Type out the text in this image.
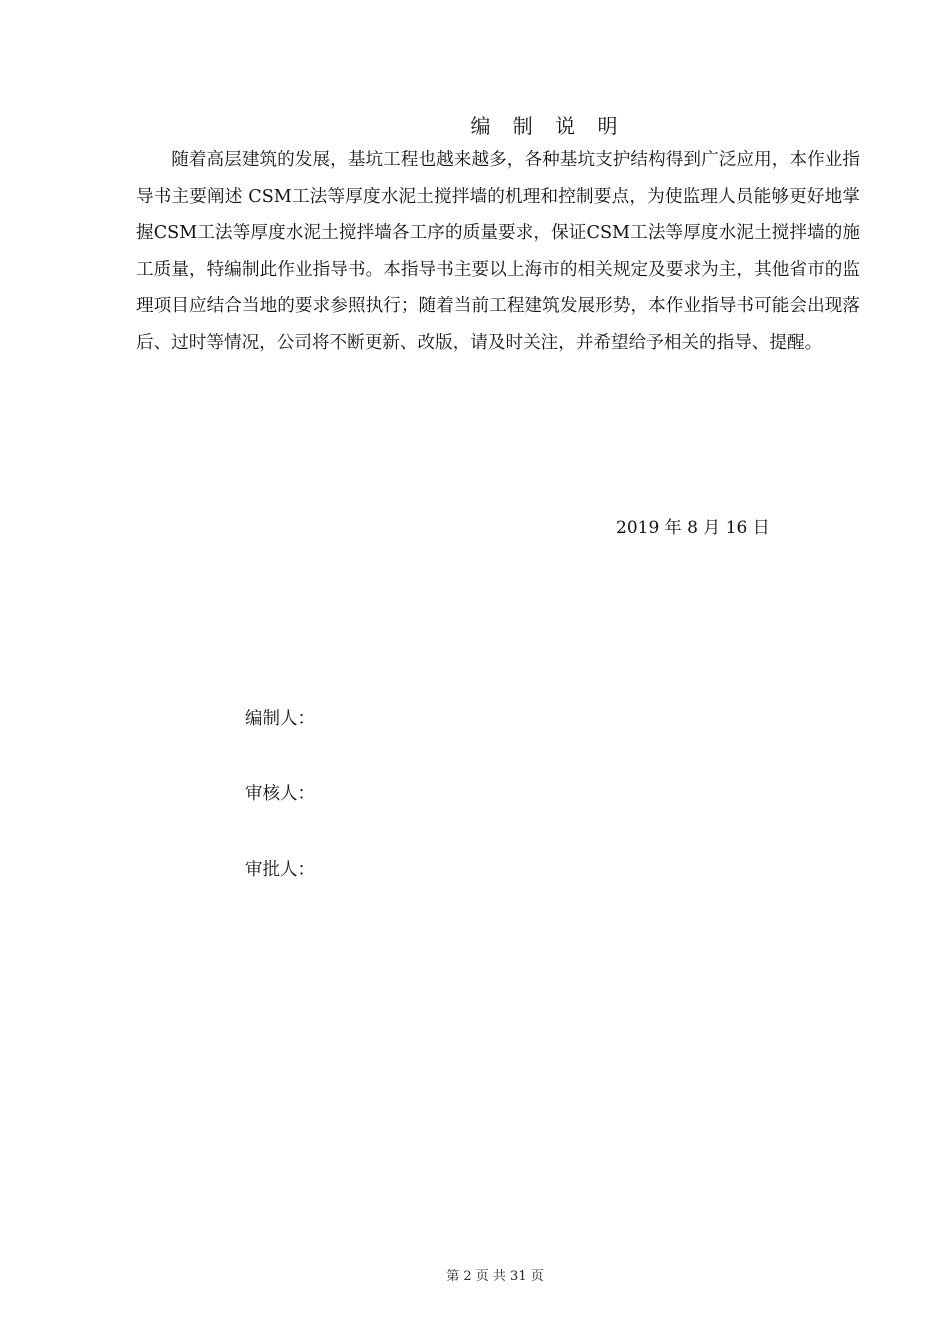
编 制 说 明

随着高层建筑的发展，基坑工程也越来越多，各种基坑支护结构得到广泛应用，本作业指导书主要阐述 CSM工法等厚度水泥土搅拌墙的机理和控制要点，为使监理人员能够更好地掌握CSM工法等厚度水泥土搅拌墙各工序的质量要求，保证CSM工法等厚度水泥土搅拌墙的施工质量，特编制此作业指导书。本指导书主要以上海市的相关规定及要求为主，其他省市的监理项目应结合当地的要求参照执行；随着当前工程建筑发展形势，本作业指导书可能会出现落后、过时等情况，公司将不断更新、改版，请及时关注，并希望给予相关的指导、提醒。

2019 年 8 月 16 日
编制人：
审核人：
审批人：
第 2 页 共 31 页
